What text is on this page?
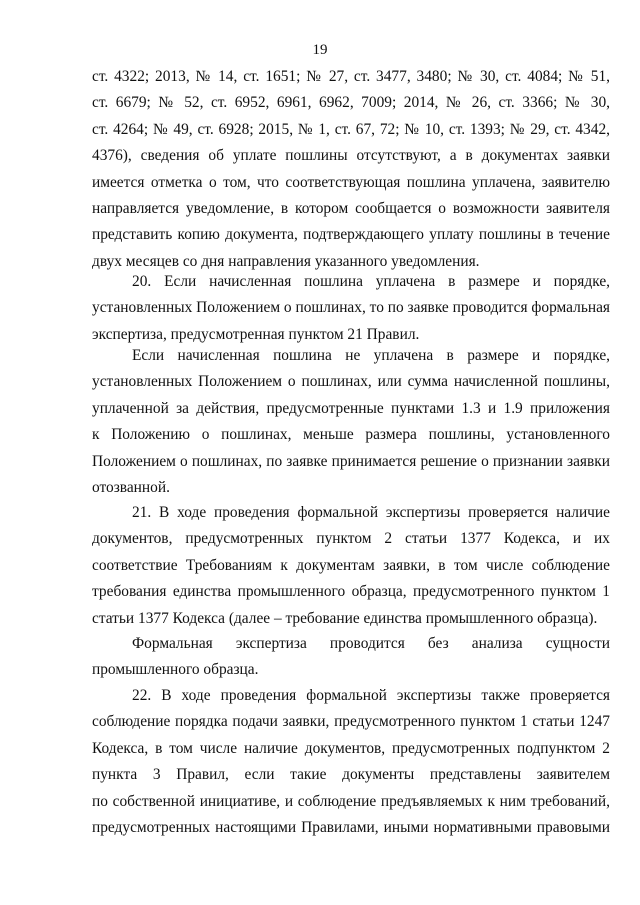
19
ст. 4322; 2013, № 14, ст. 1651; № 27, ст. 3477, 3480; № 30, ст. 4084; № 51,
ст. 6679; № 52, ст. 6952, 6961, 6962, 7009; 2014, № 26, ст. 3366; № 30,
ст. 4264; № 49, ст. 6928; 2015, № 1, ст. 67, 72; № 10, ст. 1393; № 29, ст. 4342,
4376), сведения об уплате пошлины отсутствуют, а в документах заявки
имеется отметка о том, что соответствующая пошлина уплачена, заявителю
направляется уведомление, в котором сообщается о возможности заявителя
представить копию документа, подтверждающего уплату пошлины в течение
двух месяцев со дня направления указанного уведомления.
20. Если начисленная пошлина уплачена в размере и порядке,
установленных Положением о пошлинах, то по заявке проводится формальная
экспертиза, предусмотренная пунктом 21 Правил.
Если начисленная пошлина не уплачена в размере и порядке,
установленных Положением о пошлинах, или сумма начисленной пошлины,
уплаченной за действия, предусмотренные пунктами 1.3 и 1.9 приложения
к Положению о пошлинах, меньше размера пошлины, установленного
Положением о пошлинах, по заявке принимается решение о признании заявки
отозванной.
21. В ходе проведения формальной экспертизы проверяется наличие
документов, предусмотренных пунктом 2 статьи 1377 Кодекса, и их
соответствие Требованиям к документам заявки, в том числе соблюдение
требования единства промышленного образца, предусмотренного пунктом 1
статьи 1377 Кодекса (далее – требование единства промышленного образца).
Формальная экспертиза проводится без анализа сущности
промышленного образца.
22. В ходе проведения формальной экспертизы также проверяется
соблюдение порядка подачи заявки, предусмотренного пунктом 1 статьи 1247
Кодекса, в том числе наличие документов, предусмотренных подпунктом 2
пункта 3 Правил, если такие документы представлены заявителем
по собственной инициативе, и соблюдение предъявляемых к ним требований,
предусмотренных настоящими Правилами, иными нормативными правовыми
